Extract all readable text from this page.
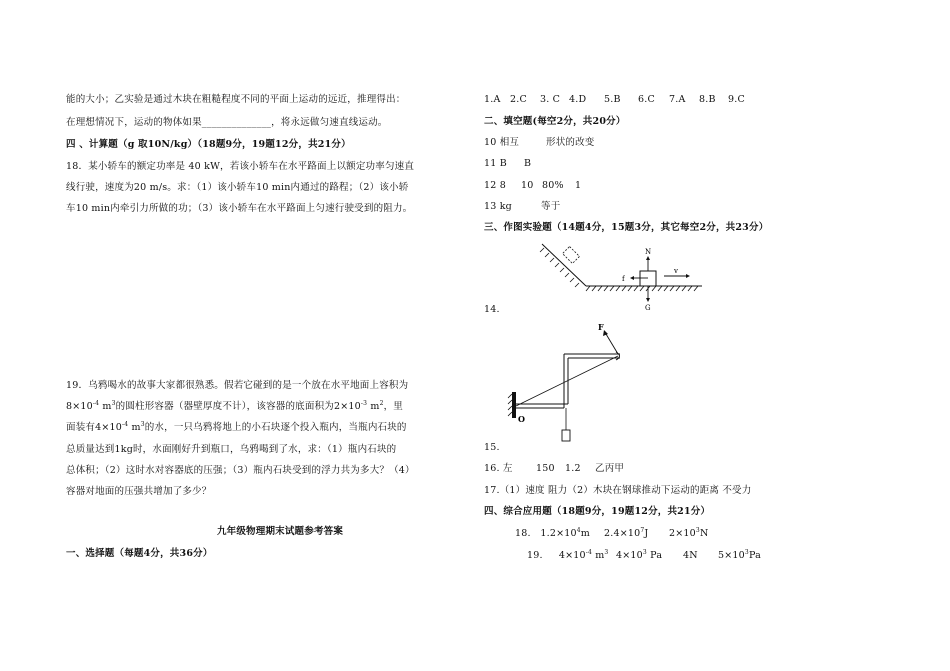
能的大小；乙实验是通过木块在粗糙程度不同的平面上运动的远近，推理得出：
在理想情况下，运动的物体如果______________，将永远做匀速直线运动。
四 、计算题（g 取10N/kg）（18题9分，19题12分，共21分）
18．某小轿车的额定功率是 40 kW，若该小轿车在水平路面上以额定功率匀速直
线行驶，速度为20 m/s。求：（1）该小轿车10 min内通过的路程；（2）该小轿
车10 min内牵引力所做的功；（3）该小轿车在水平路面上匀速行驶受到的阻力。
19．乌鸦喝水的故事大家都很熟悉。假若它碰到的是一个放在水平地面上容积为
$8\times 10^{-4}$ $m^3$的圆柱形容器（器壁厚度不计），该容器的底面积为$2\times 10^{-3}$ $m^2$，里
面装有$4\times 10^{-4}$ $m^3$的水，一只乌鸦将地上的小石块逐个投入瓶内，当瓶内石块的
总质量达到1kg时，水面刚好升到瓶口，乌鸦喝到了水，求：（1）瓶内石块的
总体积；（2）这时水对容器底的压强；（3）瓶内石块受到的浮力共为多大？（4）
容器对地面的压强共增加了多少？
九年级物理期末试题参考答案
一、选择题（每题4分，共36分）
1.A 2.C 3. C 4.D 5.B 6.C 7.A 8.B 9.C
二、填空题(每空2分，共20分）
10 相互	形状的改变
11 B B
12 8 10 80% 1
13 kg	等于
三、作图实验题（14题4分，15题3分，其它每空2分，共23分）
N
f
v
G
14.
F
O
15.
16. 左 150 1.2 乙丙甲
17.（1）速度 阻力（2）木块在钢球推动下运动的距离 不受力
四、综合应用题（18题9分，19题12分，共21分）
18. $1.2\times 10^4m$ $2.4\times 10^7J$ $2\times 10^3N$
19. $4\times 10^{-4}$ $m^3$ $4\times 10^3$ Pa 4N $5\times 10^3Pa$
